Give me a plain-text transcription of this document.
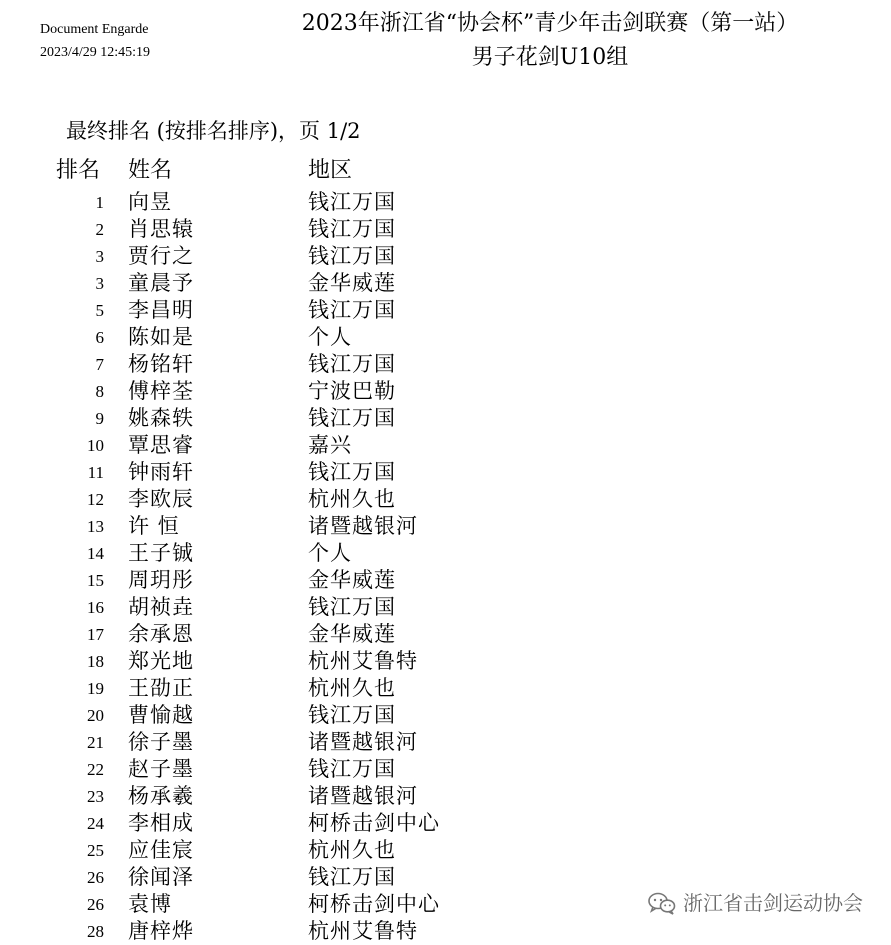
Document Engarde
2023/4/29 12:45:19
2023年浙江省“协会杯”青少年击剑联赛（第一站）
男子花剑U10组
最终排名 (按排名排序)，页 1/2
排名 姓名	地区
1 向昱	钱江万国
2 肖思辕	钱江万国
3 贾行之	钱江万国
3 童晨予	金华威莲
5 李昌明	钱江万国
6 陈如是	个人
7 杨铭轩	钱江万国
8 傅梓荃	宁波巴勒
9 姚森轶	钱江万国
10 覃思睿	嘉兴
11 钟雨轩	钱江万国
12 李欧辰	杭州久也
13 许 恒	诸暨越银河
14 王子铖	个人
15 周玥彤	金华威莲
16 胡祯垚	钱江万国
17 余承恩	金华威莲
18 郑光地	杭州艾鲁特
19 王劭正	杭州久也
20 曹愉越	钱江万国
21 徐子墨	诸暨越银河
22 赵子墨	钱江万国
23 杨承羲	诸暨越银河
24 李相成	柯桥击剑中心
25 应佳宸	杭州久也
26 徐闻泽	钱江万国
26 袁博	柯桥击剑中心
28 唐梓烨	杭州艾鲁特
浙江省击剑运动协会
